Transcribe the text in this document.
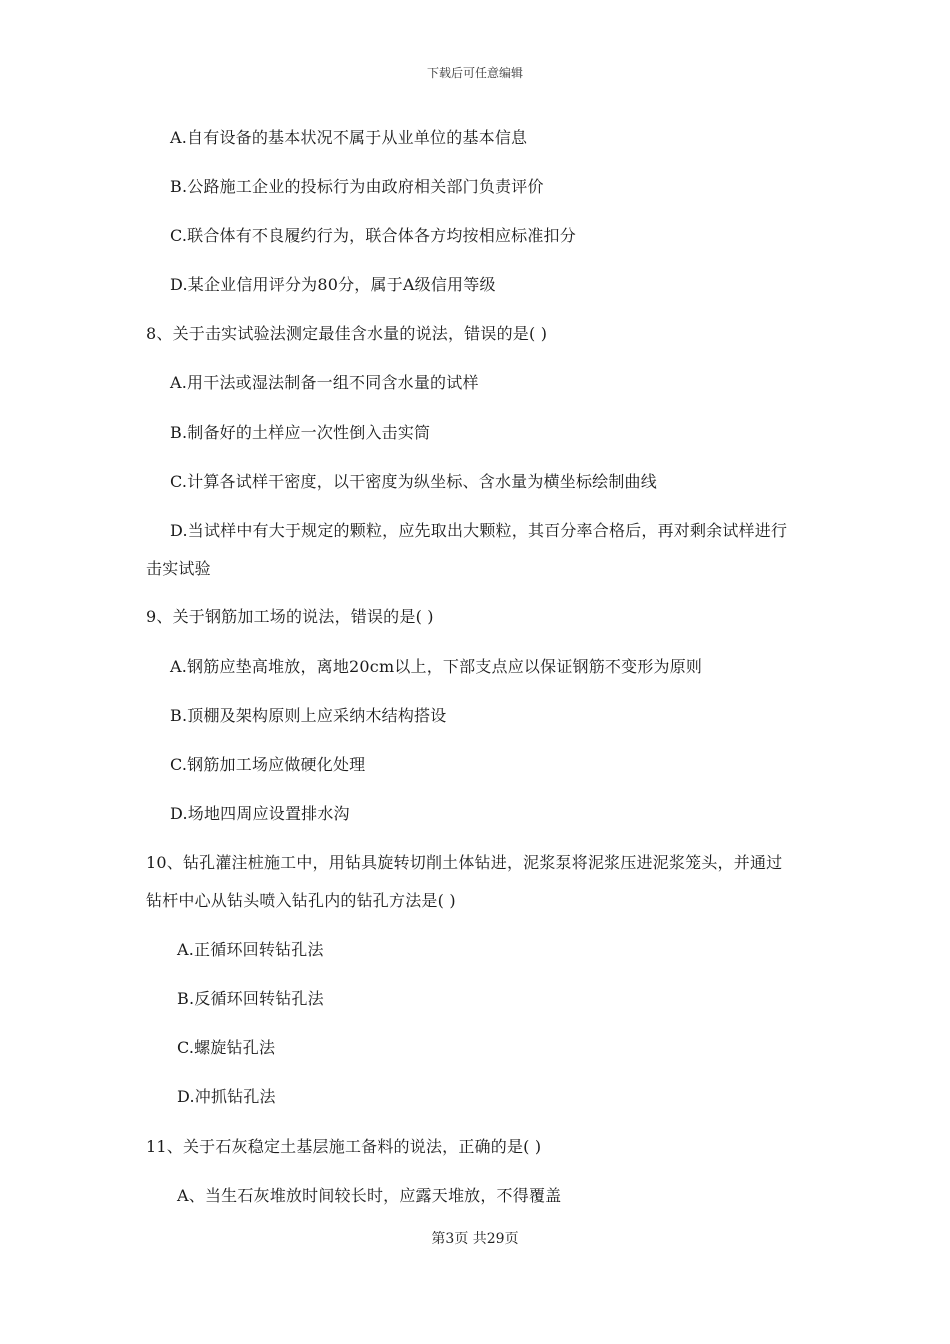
下载后可任意编辑
A.自有设备的基本状况不属于从业单位的基本信息
B.公路施工企业的投标行为由政府相关部门负责评价
C.联合体有不良履约行为，联合体各方均按相应标准扣分
D.某企业信用评分为80分，属于A级信用等级
8、关于击实试验法测定最佳含水量的说法，错误的是( )
A.用干法或湿法制备一组不同含水量的试样
B.制备好的土样应一次性倒入击实筒
C.计算各试样干密度，以干密度为纵坐标、含水量为横坐标绘制曲线
D.当试样中有大于规定的颗粒，应先取出大颗粒，其百分率合格后，再对剩余试样进行
击实试验
9、关于钢筋加工场的说法，错误的是( )
A.钢筋应垫高堆放，离地20cm以上，下部支点应以保证钢筋不变形为原则
B.顶棚及架构原则上应采纳木结构搭设
C.钢筋加工场应做硬化处理
D.场地四周应设置排水沟
10、钻孔灌注桩施工中，用钻具旋转切削土体钻进，泥浆泵将泥浆压进泥浆笼头，并通过
钻杆中心从钻头喷入钻孔内的钻孔方法是( )
A.正循环回转钻孔法
B.反循环回转钻孔法
C.螺旋钻孔法
D.冲抓钻孔法
11、关于石灰稳定土基层施工备料的说法，正确的是( )
A、当生石灰堆放时间较长时，应露天堆放，不得覆盖
第3页 共29页
